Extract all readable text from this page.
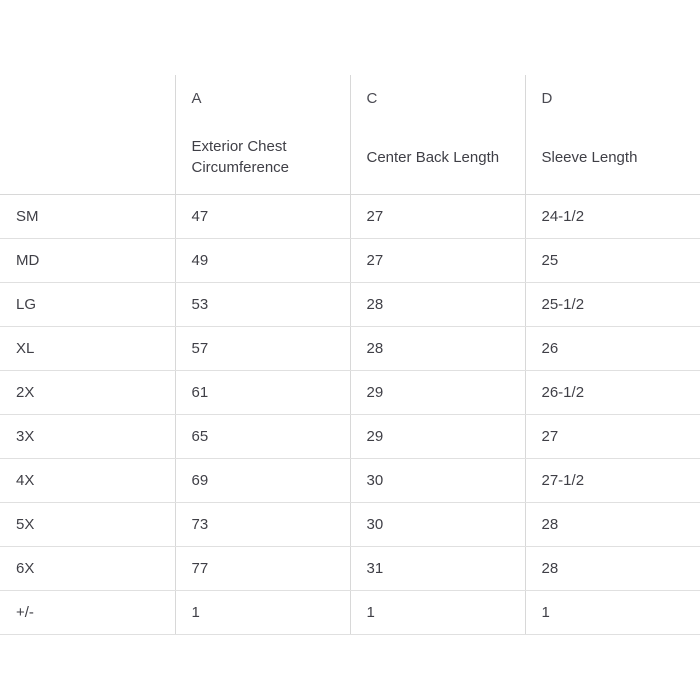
	A	C	D
	Exterior Chest Circumference	Center Back Length	Sleeve Length
SM	47	27	24-1/2
MD	49	27	25
LG	53	28	25-1/2
XL	57	28	26
2X	61	29	26-1/2
3X	65	29	27
4X	69	30	27-1/2
5X	73	30	28
6X	77	31	28
+/-	1	1	1
